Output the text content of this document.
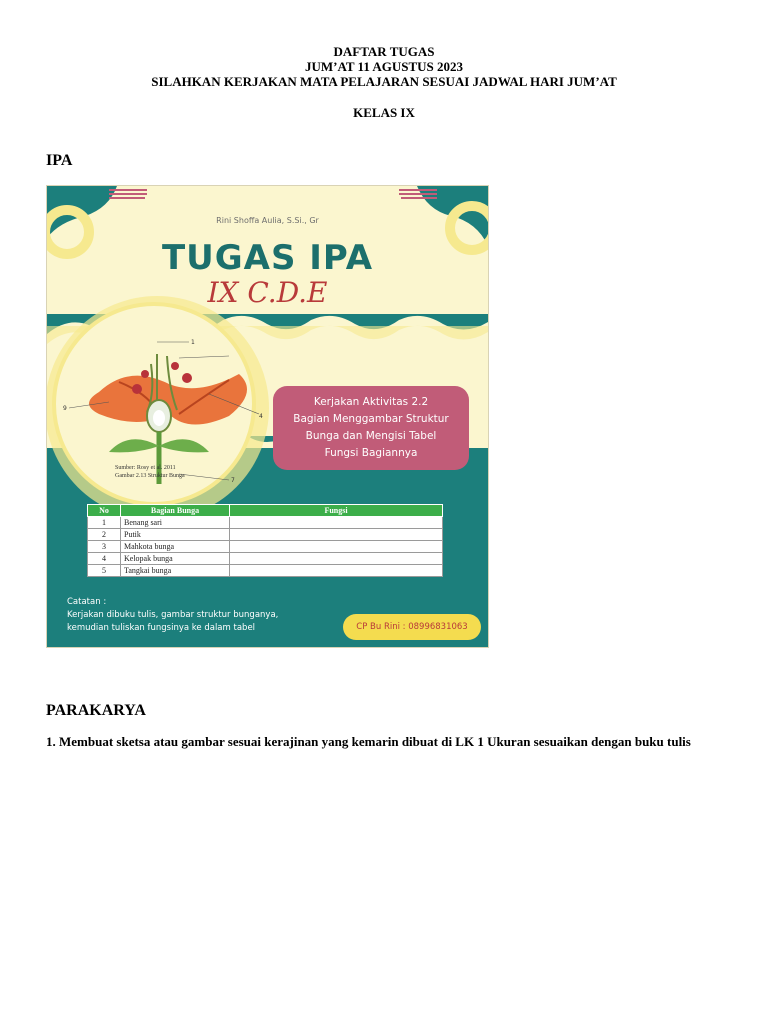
DAFTAR TUGAS
JUM’AT 11 AGUSTUS 2023
SILAHKAN KERJAKAN MATA PELAJARAN SESUAI JADWAL HARI JUM’AT
KELAS IX
IPA
1
4
9
7
Sumber: Rosy et al. 2011
Gambar 2.13 Struktur Bunga
Rini Shoffa Aulia, S.Si., Gr
TUGAS IPA
IX C.D.E
Kerjakan Aktivitas 2.2
Bagian Menggambar Struktur
Bunga dan Mengisi Tabel
Fungsi Bagiannya
No	Bagian Bunga	Fungsi
1	Benang sari	
2	Putik	
3	Mahkota bunga	
4	Kelopak bunga	
5	Tangkai bunga	
Catatan :
Kerjakan dibuku tulis, gambar struktur bunganya,
kemudian tuliskan fungsinya ke dalam tabel	CP Bu Rini : 08996831063
PARAKARYA
1. Membuat sketsa atau gambar sesuai kerajinan yang kemarin dibuat di LK 1 Ukuran sesuaikan dengan buku tulis
